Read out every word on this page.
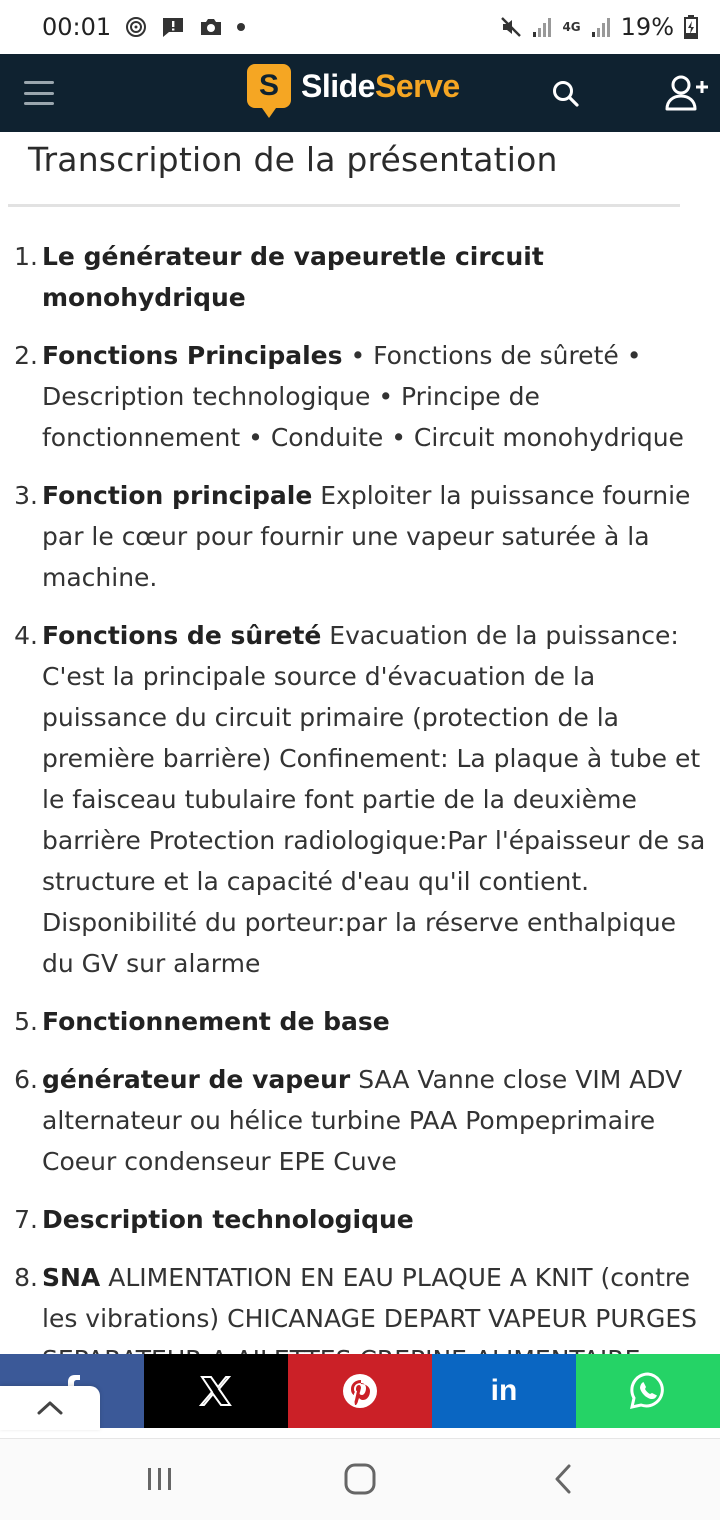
00:01	4G 19%
S SlideServe
Transcription de la présentation
1. Le générateur de vapeuretle circuit monohydrique
2. Fonctions Principales • Fonctions de sûreté • Description technologique • Principe de fonctionnement • Conduite • Circuit monohydrique
3. Fonction principale Exploiter la puissance fournie par le cœur pour fournir une vapeur saturée à la machine.
4. Fonctions de sûreté Evacuation de la puissance: C'est la principale source d'évacuation de la puissance du circuit primaire (protection de la première barrière) Confinement: La plaque à tube et le faisceau tubulaire font partie de la deuxième barrière Protection radiologique:Par l'épaisseur de sa structure et la capacité d'eau qu'il contient. Disponibilité du porteur:par la réserve enthalpique du GV sur alarme
5. Fonctionnement de base
6. générateur de vapeur SAA Vanne close VIM ADV alternateur ou hélice turbine PAA Pompeprimaire Coeur condenseur EPE Cuve
7. Description technologique
8. SNA ALIMENTATION EN EAU PLAQUE A KNIT (contre les vibrations) CHICANAGE DEPART VAPEUR PURGES
in
